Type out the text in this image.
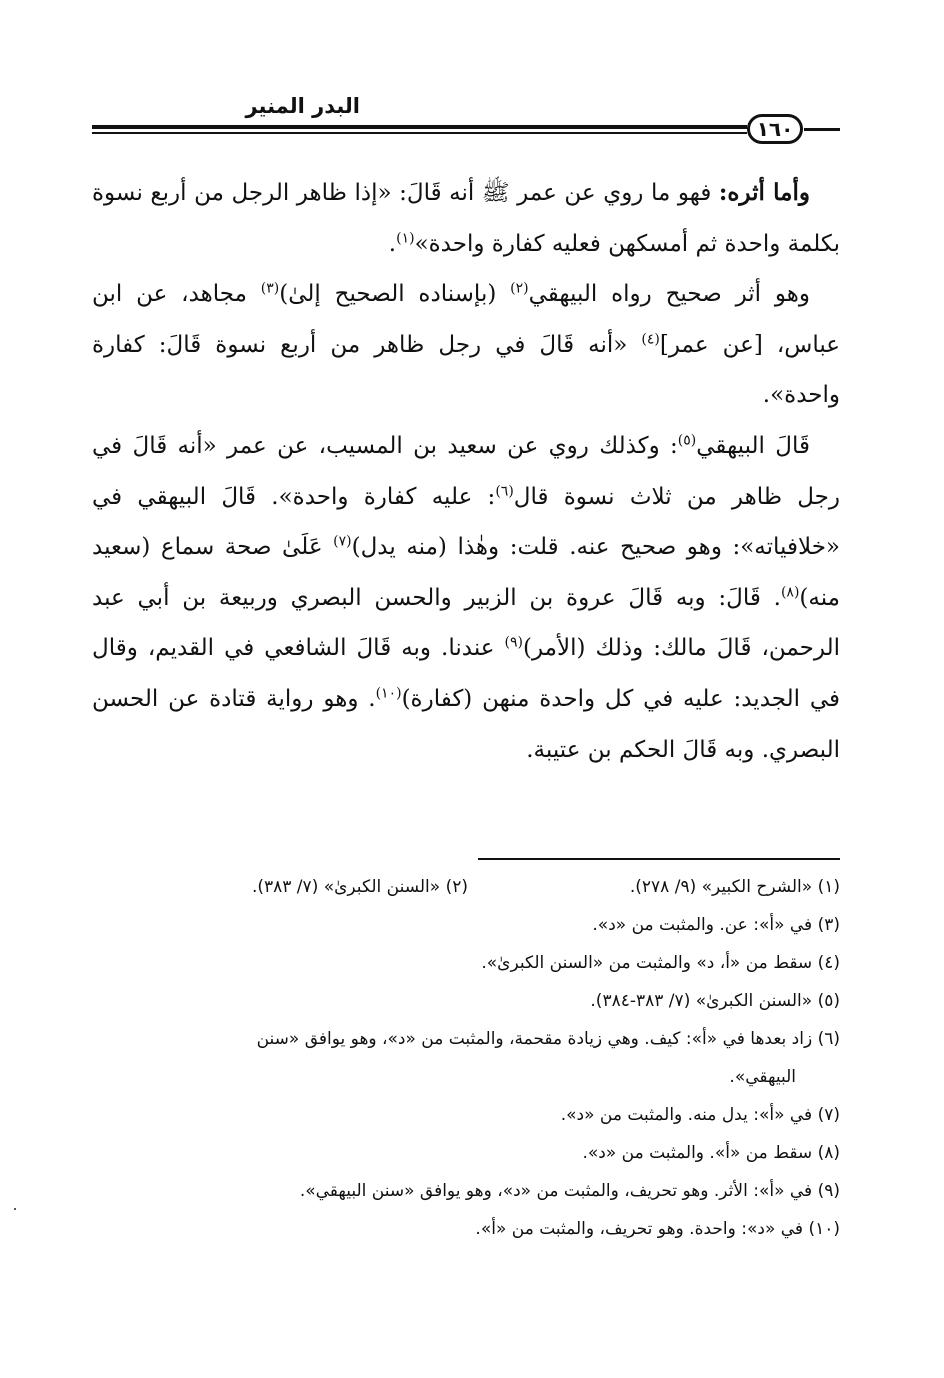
البدر المنير
١٦٠

وأما أثره: فهو ما روي عن عمر ﷺ أنه قَالَ: «إذا ظاهر الرجل من أربع نسوة بكلمة واحدة ثم أمسكهن فعليه كفارة واحدة»$^{(١)}$.

وهو أثر صحيح رواه البيهقي$^{(٢)}$ (بإسناده الصحيح إلىٰ)$^{(٣)}$ مجاهد، عن ابن عباس، [عن عمر]$^{(٤)}$ «أنه قَالَ في رجل ظاهر من أربع نسوة قَالَ: كفارة واحدة».

قَالَ البيهقي$^{(٥)}$: وكذلك روي عن سعيد بن المسيب، عن عمر «أنه قَالَ في رجل ظاهر من ثلاث نسوة قال$^{(٦)}$: عليه كفارة واحدة». قَالَ البيهقي في «خلافياته»: وهو صحيح عنه. قلت: وهٰذا (منه يدل)$^{(٧)}$ عَلَىٰ صحة سماع (سعيد منه)$^{(٨)}$. قَالَ: وبه قَالَ عروة بن الزبير والحسن البصري وربيعة بن أبي عبد الرحمن، قَالَ مالك: وذلك (الأمر)$^{(٩)}$ عندنا. وبه قَالَ الشافعي في القديم، وقال في الجديد: عليه في كل واحدة منهن (كفارة)$^{(١٠)}$. وهو رواية قتادة عن الحسن البصري. وبه قَالَ الحكم بن عتيبة.

(١) «الشرح الكبير» (٩/ ٢٧٨).
(٢) «السنن الكبرىٰ» (٧/ ٣٨٣).
(٣) في «أ»: عن. والمثبت من «د».
(٤) سقط من «أ، د» والمثبت من «السنن الكبرىٰ».
(٥) «السنن الكبرىٰ» (٧/ ٣٨٣-٣٨٤).
(٦) زاد بعدها في «أ»: كيف. وهي زيادة مقحمة، والمثبت من «د»، وهو يوافق «سنن
البيهقي».
(٧) في «أ»: يدل منه. والمثبت من «د».
(٨) سقط من «أ». والمثبت من «د».
(٩) في «أ»: الأثر. وهو تحريف، والمثبت من «د»، وهو يوافق «سنن البيهقي».
(١٠) في «د»: واحدة. وهو تحريف، والمثبت من «أ».
